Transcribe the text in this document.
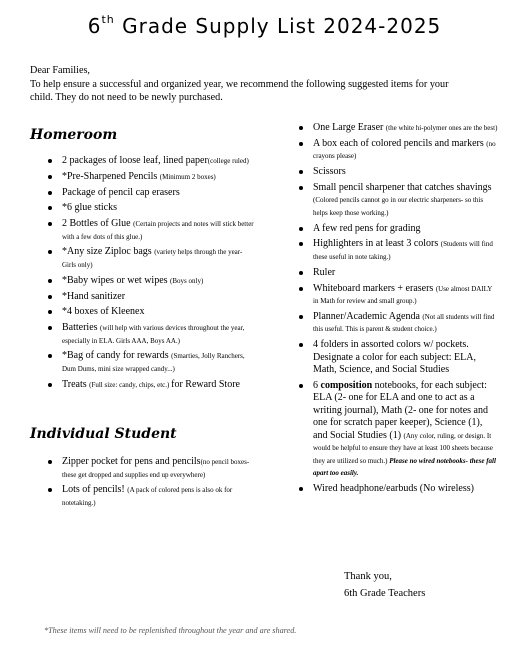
6th Grade Supply List 2024-2025

Dear Families,

To help ensure a successful and organized year, we recommend the following suggested items for your

child. They do not need to be newly purchased.

Homeroom
2 packages of loose leaf, lined paper(college ruled)
*Pre-Sharpened Pencils (Minimum 2 boxes)
Package of pencil cap erasers
*6 glue sticks
2 Bottles of Glue (Certain projects and notes will stick better with a few dots of this glue.)
*Any size Ziploc bags (variety helps through the year- Girls only)
*Baby wipes or wet wipes (Boys only)
*Hand sanitizer
*4 boxes of Kleenex
Batteries (will help with various devices throughout the year, especially in ELA. Girls AAA, Boys AA.)
*Bag of candy for rewards (Smarties, Jolly Ranchers, Dum Dums, mini size wrapped candy...)
Treats (Full size: candy, chips, etc.) for Reward Store
Individual Student
Zipper pocket for pens and pencils(no pencil boxes- these get dropped and supplies end up everywhere)
Lots of pencils! (A pack of colored pens is also ok for notetaking.)
One Large Eraser (the white hi-polymer ones are the best)
A box each of colored pencils and markers (no crayons please)
Scissors
Small pencil sharpener that catches shavings (Colored pencils cannot go in our electric sharpeners- so this helps keep those working.)
A few red pens for grading
Highlighters in at least 3 colors (Students will find these useful in note taking.)
Ruler
Whiteboard markers + erasers (Use almost DAILY in Math for review and small group.)
Planner/Academic Agenda (Not all students will find this useful. This is parent & student choice.)
4 folders in assorted colors w/ pockets. Designate a color for each subject: ELA, Math, Science, and Social Studies
6 composition notebooks, for each subject: ELA (2- one for ELA and one to act as a writing journal), Math (2- one for notes and one for scratch paper keeper), Science (1), and Social Studies (1) (Any color, ruling, or design. It would be helpful to ensure they have at least 100 sheets because they are utilized so much.) Please no wired notebooks- these fall apart too easily.
Wired headphone/earbuds (No wireless)
Thank you,
6th Grade Teachers
*These items will need to be replenished throughout the year and are shared.
